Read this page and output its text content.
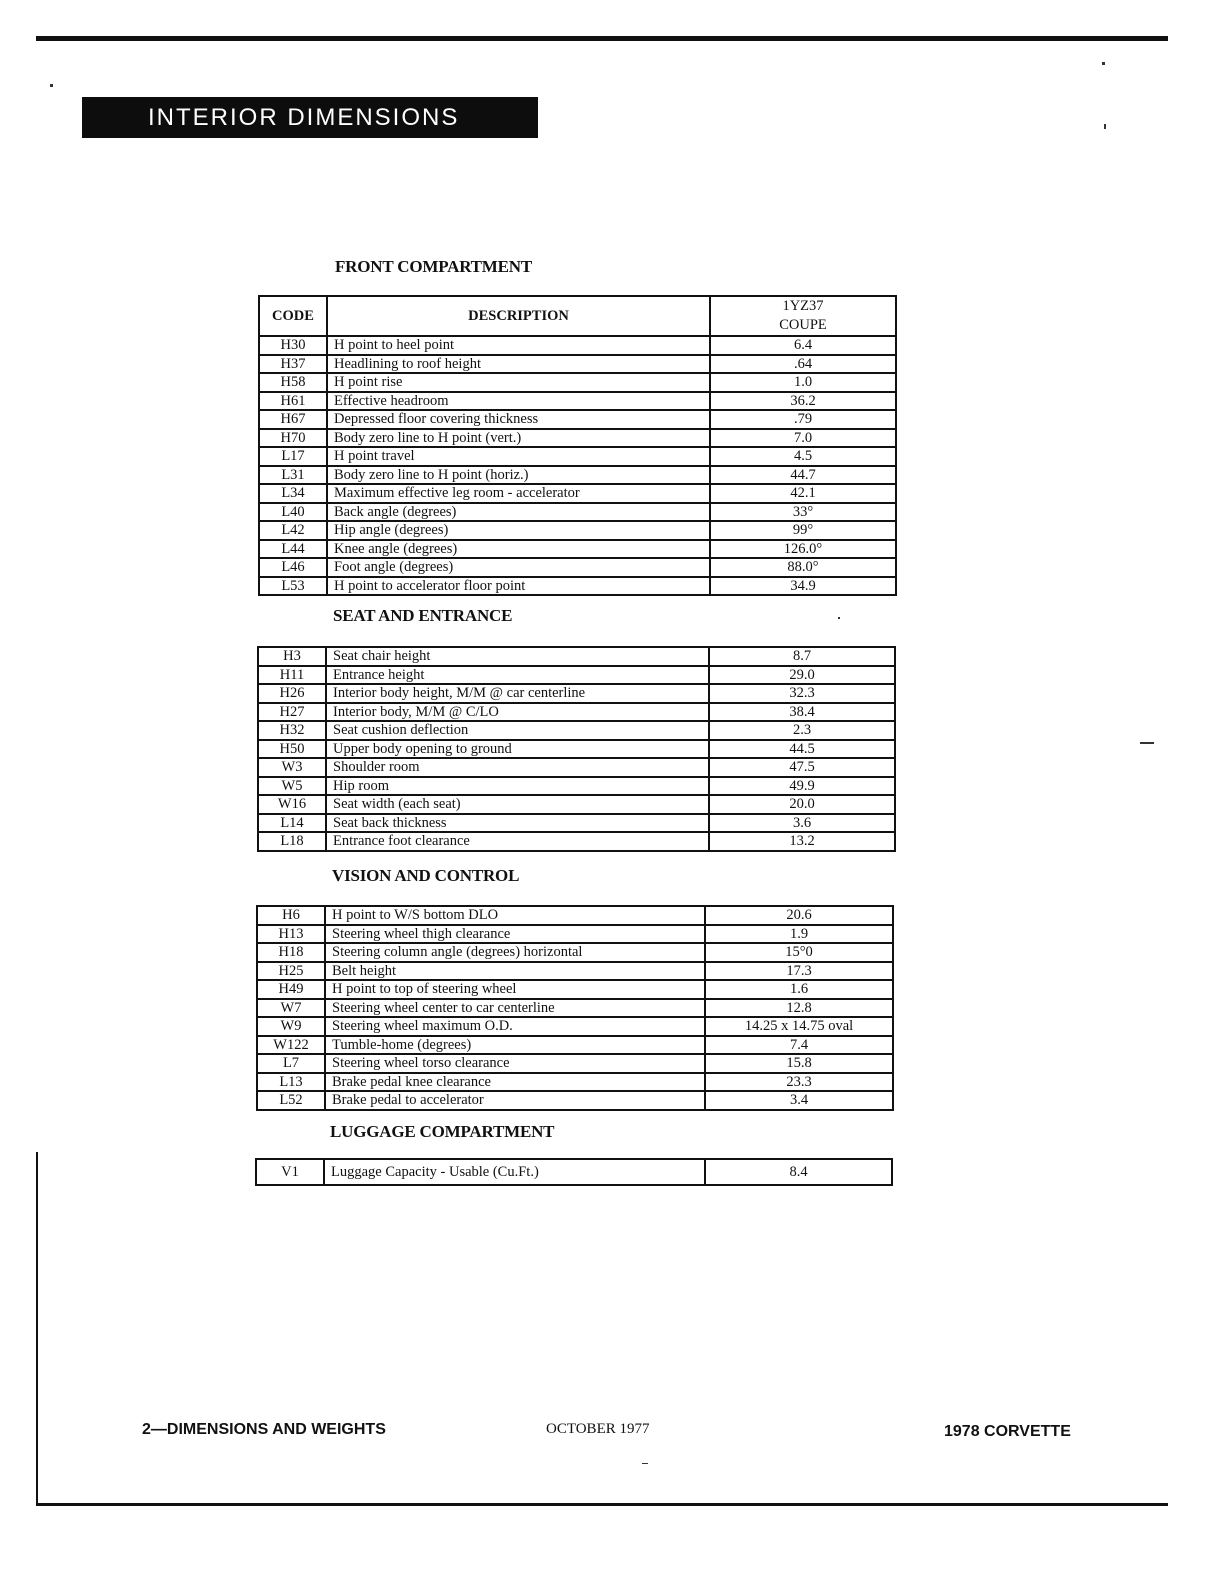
INTERIOR DIMENSIONS
FRONT COMPARTMENT
CODE	DESCRIPTION	1YZ37
COUPE

H30	H point to heel point	6.4
H37	Headlining to roof height	.64
H58	H point rise	1.0
H61	Effective headroom	36.2
H67	Depressed floor covering thickness	.79
H70	Body zero line to H point (vert.)	7.0
L17	H point travel	4.5
L31	Body zero line to H point (horiz.)	44.7
L34	Maximum effective leg room - accelerator	42.1
L40	Back angle (degrees)	33°
L42	Hip angle (degrees)	99°
L44	Knee angle (degrees)	126.0°
L46	Foot angle (degrees)	88.0°
L53	H point to accelerator floor point	34.9
SEAT AND ENTRANCE
H3	Seat chair height	8.7
H11	Entrance height	29.0
H26	Interior body height, M/M @ car centerline	32.3
H27	Interior body, M/M @ C/LO	38.4
H32	Seat cushion deflection	2.3
H50	Upper body opening to ground	44.5
W3	Shoulder room	47.5
W5	Hip room	49.9
W16	Seat width (each seat)	20.0
L14	Seat back thickness	3.6
L18	Entrance foot clearance	13.2
VISION AND CONTROL
H6	H point to W/S bottom DLO	20.6
H13	Steering wheel thigh clearance	1.9
H18	Steering column angle (degrees) horizontal	15°0
H25	Belt height	17.3
H49	H point to top of steering wheel	1.6
W7	Steering wheel center to car centerline	12.8
W9	Steering wheel maximum O.D.	14.25 x 14.75 oval
W122	Tumble-home (degrees)	7.4
L7	Steering wheel torso clearance	15.8
L13	Brake pedal knee clearance	23.3
L52	Brake pedal to accelerator	3.4
LUGGAGE COMPARTMENT
V1	Luggage Capacity - Usable (Cu.Ft.)	8.4
2—DIMENSIONS AND WEIGHTS	OCTOBER 1977	1978 CORVETTE
